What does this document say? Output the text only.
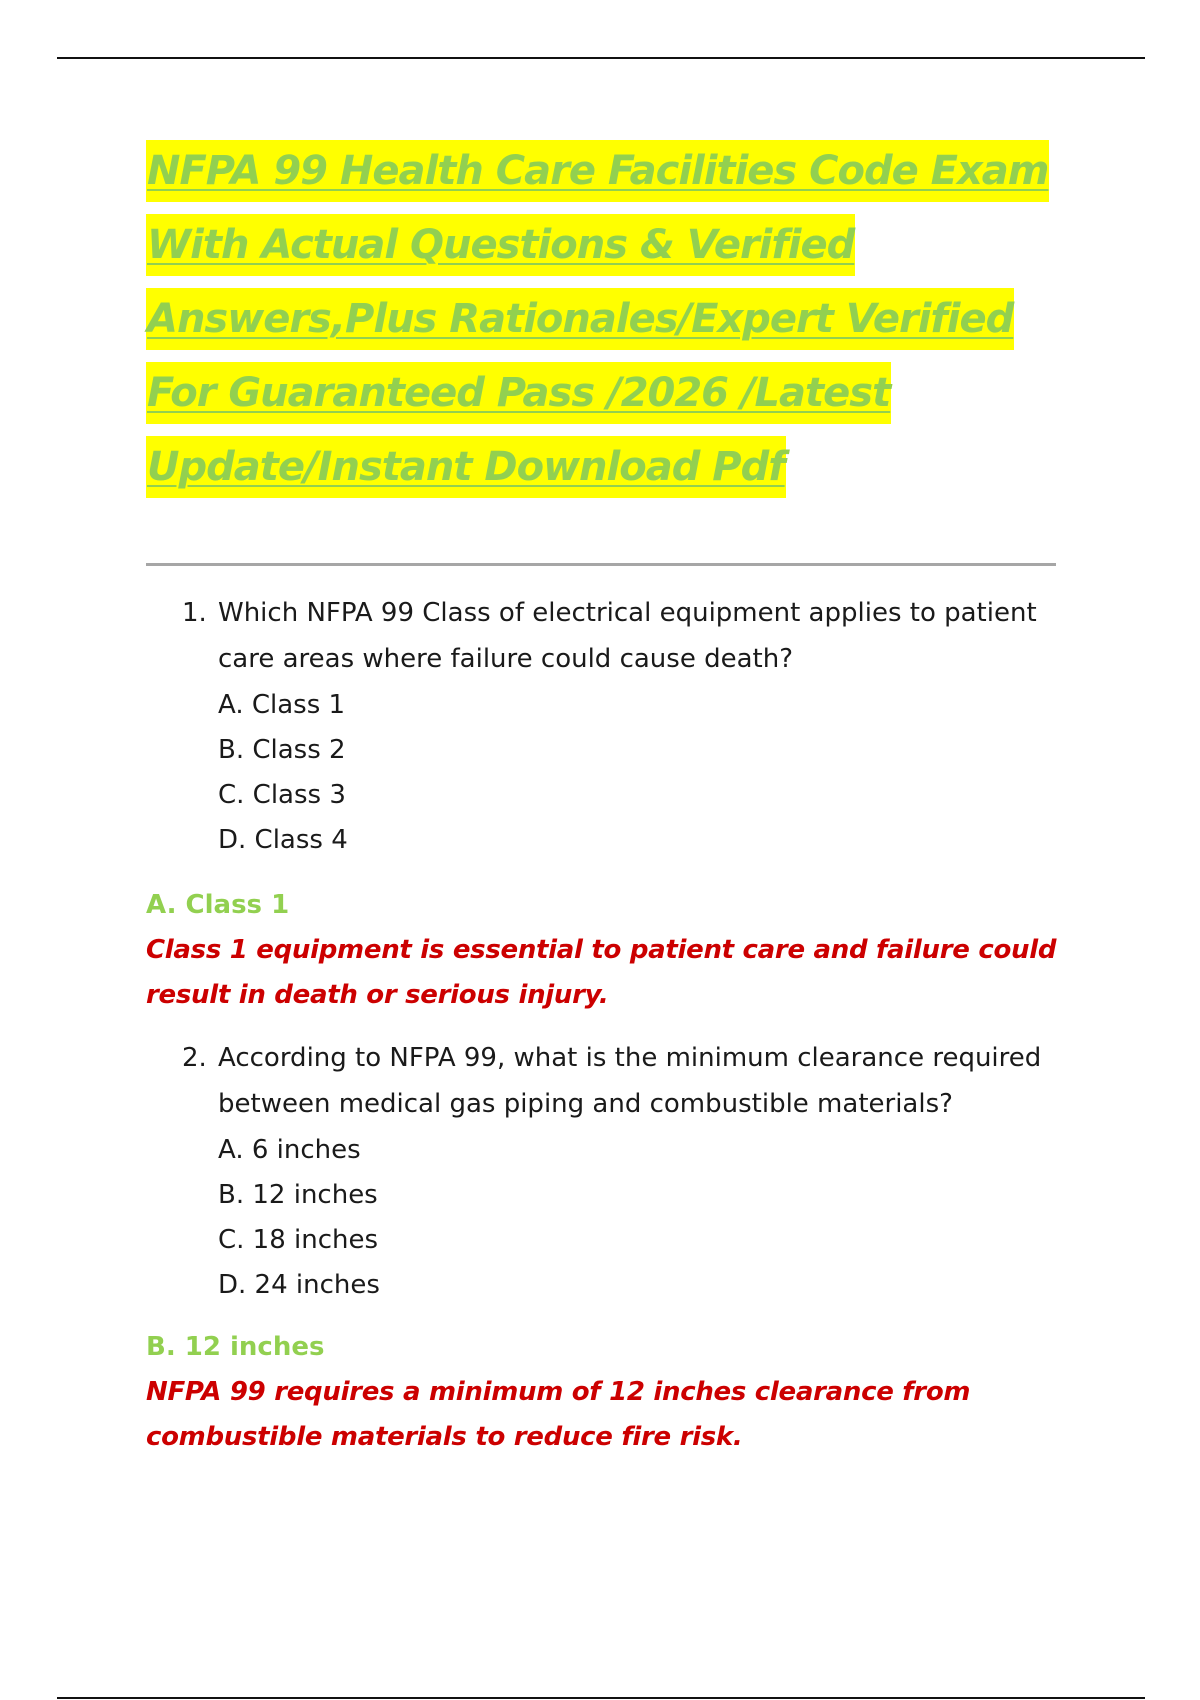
NFPA 99 Health Care Facilities Code Exam
With Actual Questions & Verified
Answers,Plus Rationales/Expert Verified
For Guaranteed Pass /2026 /Latest
Update/Instant Download Pdf
1. Which NFPA 99 Class of electrical equipment applies to patient care areas where failure could cause death?
A. Class 1
B. Class 2
C. Class 3
D. Class 4
A. Class 1
Class 1 equipment is essential to patient care and failure could result in death or serious injury.
2. According to NFPA 99, what is the minimum clearance required between medical gas piping and combustible materials?
A. 6 inches
B. 12 inches
C. 18 inches
D. 24 inches
B. 12 inches
NFPA 99 requires a minimum of 12 inches clearance from combustible materials to reduce fire risk.
